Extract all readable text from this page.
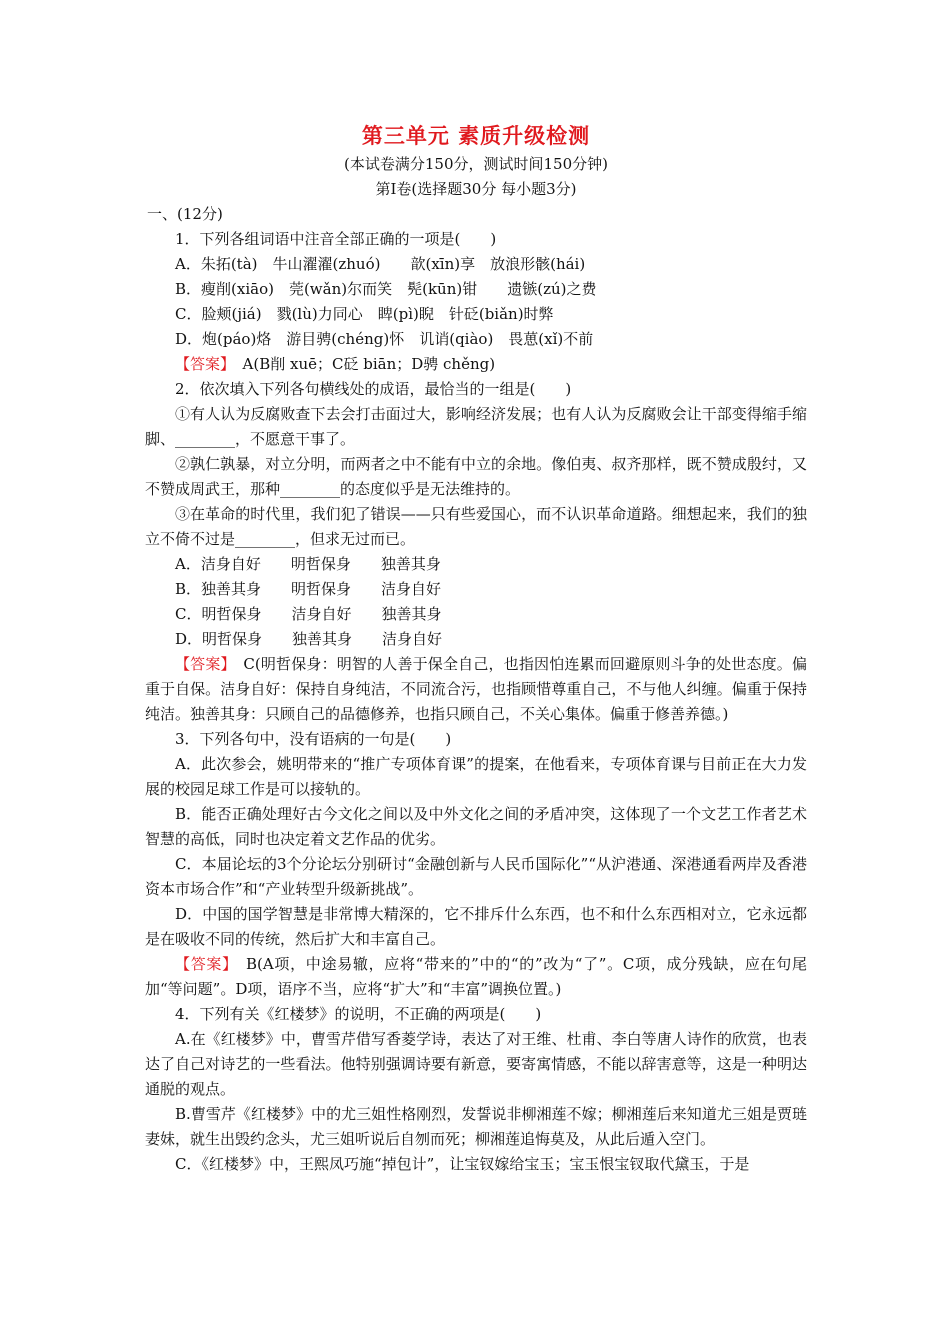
第三单元 素质升级检测

(本试卷满分150分，测试时间150分钟)

第Ⅰ卷(选择题30分 每小题3分)

一、(12分)

1．下列各组词语中注音全部正确的一项是(　　)

A．朱拓(tà)　牛山濯濯(zhuó)　　歆(xīn)享　放浪形骸(hái)

B．瘦削(xiāo)　莞(wǎn)尔而笑　髡(kūn)钳　　遗镞(zú)之费

C．脸颊(jiá)　戮(lù)力同心　睥(pì)睨　针砭(biǎn)时弊

D．炮(páo)烙　游目骋(chéng)怀　讥诮(qiào)　畏葸(xǐ)不前

【答案】　A(B削 xuē；C砭 biān；D骋 chěng)

2．依次填入下列各句横线处的成语，最恰当的一组是(　　)

①有人认为反腐败查下去会打击面过大，影响经济发展；也有人认为反腐败会让干部变得缩手缩脚、________，不愿意干事了。

②孰仁孰暴，对立分明，而两者之中不能有中立的余地。像伯夷、叔齐那样，既不赞成殷纣，又不赞成周武王，那种________的态度似乎是无法维持的。

③在革命的时代里，我们犯了错误——只有些爱国心，而不认识革命道路。细想起来，我们的独立不倚不过是________，但求无过而已。

A．洁身自好　　明哲保身　　独善其身

B．独善其身　　明哲保身　　洁身自好

C．明哲保身　　洁身自好　　独善其身

D．明哲保身　　独善其身　　洁身自好

【答案】　C(明哲保身：明智的人善于保全自己，也指因怕连累而回避原则斗争的处世态度。偏重于自保。洁身自好：保持自身纯洁，不同流合污，也指顾惜尊重自己，不与他人纠缠。偏重于保持纯洁。独善其身：只顾自己的品德修养，也指只顾自己，不关心集体。偏重于修善养德。)

3．下列各句中，没有语病的一句是(　　)

A．此次参会，姚明带来的“推广专项体育课”的提案，在他看来，专项体育课与目前正在大力发展的校园足球工作是可以接轨的。

B．能否正确处理好古今文化之间以及中外文化之间的矛盾冲突，这体现了一个文艺工作者艺术智慧的高低，同时也决定着文艺作品的优劣。

C．本届论坛的3个分论坛分别研讨“金融创新与人民币国际化”“从沪港通、深港通看两岸及香港资本市场合作”和“产业转型升级新挑战”。

D．中国的国学智慧是非常博大精深的，它不排斥什么东西，也不和什么东西相对立，它永远都是在吸收不同的传统，然后扩大和丰富自己。

【答案】　B(A项，中途易辙，应将“带来的”中的“的”改为“了”。C项，成分残缺，应在句尾加“等问题”。D项，语序不当，应将“扩大”和“丰富”调换位置。)

4．下列有关《红楼梦》的说明，不正确的两项是(　　)

A.在《红楼梦》中，曹雪芹借写香菱学诗，表达了对王维、杜甫、李白等唐人诗作的欣赏，也表达了自己对诗艺的一些看法。他特别强调诗要有新意，要寄寓情感，不能以辞害意等，这是一种明达通脱的观点。

B.曹雪芹《红楼梦》中的尤三姐性格刚烈，发誓说非柳湘莲不嫁；柳湘莲后来知道尤三姐是贾琏妻妹，就生出毁约念头，尤三姐听说后自刎而死；柳湘莲追悔莫及，从此后遁入空门。

C．《红楼梦》中，王熙凤巧施“掉包计”，让宝钗嫁给宝玉；宝玉恨宝钗取代黛玉，于是
